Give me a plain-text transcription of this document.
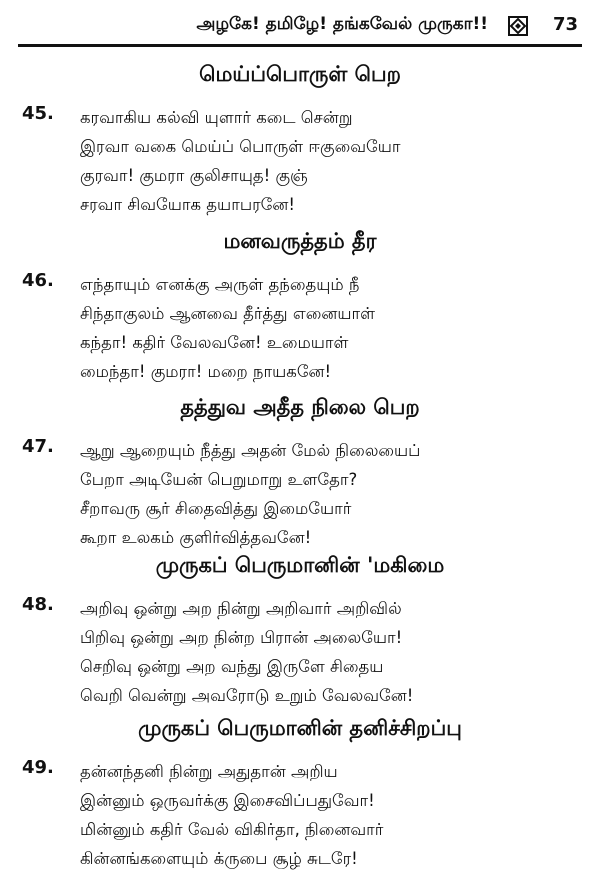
அழகே! தமிழே! தங்கவேல் முருகா!!	73
மெய்ப்பொருள் பெற
45. கரவாகிய கல்வி யுளார் கடை சென்று
இரவா வகை மெய்ப் பொருள் ஈகுவையோ
குரவா! குமரா குலிசாயுத! குஞ்
சரவா சிவயோக தயாபரனே!
மனவருத்தம் தீர
46. எந்தாயும் எனக்கு அருள் தந்தையும் நீ
சிந்தாகுலம் ஆனவை தீர்த்து எனையாள்
கந்தா! கதிர் வேலவனே! உமையாள்
மைந்தா! குமரா! மறை நாயகனே!
தத்துவ அதீத நிலை பெற
47. ஆறு ஆறையும் நீத்து அதன் மேல் நிலையைப்
பேறா அடியேன் பெறுமாறு உளதோ?
சீறாவரு சூர் சிதைவித்து இமையோர்
கூறா உலகம் குளிர்வித்தவனே!
முருகப் பெருமானின் 'மகிமை
48. அறிவு ஒன்று அற நின்று அறிவார் அறிவில்
பிறிவு ஒன்று அற நின்ற பிரான் அலையோ!
செறிவு ஒன்று அற வந்து இருளே சிதைய
வெறி வென்று அவரோடு உறும் வேலவனே!
முருகப் பெருமானின் தனிச்சிறப்பு
49. தன்னந்தனி நின்று அதுதான் அறிய
இன்னும் ஒருவர்க்கு இசைவிப்பதுவோ!
மின்னும் கதிர் வேல் விகிர்தா, நினைவார்
கின்னங்களையும் க்ருபை சூழ் சுடரே!
